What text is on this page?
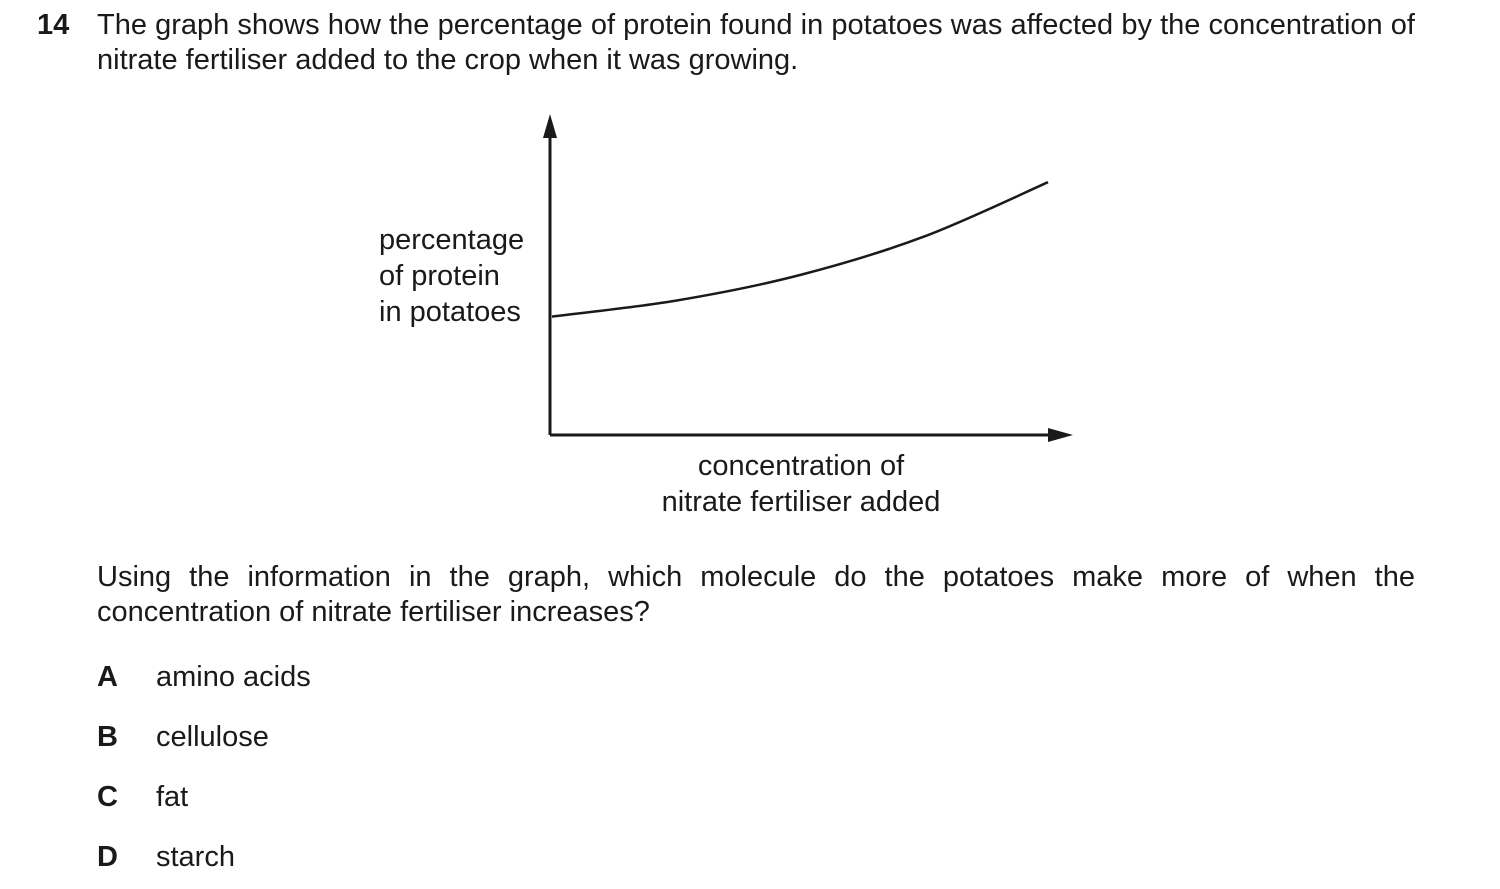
14 The graph shows how the percentage of protein found in potatoes was affected by the concentration of nitrate fertiliser added to the crop when it was growing.
percentage
of protein
in potatoes
concentration of
nitrate fertiliser added
Using the information in the graph, which molecule do the potatoes make more of when the concentration of nitrate fertiliser increases?
A amino acids
B cellulose
C fat
D starch
